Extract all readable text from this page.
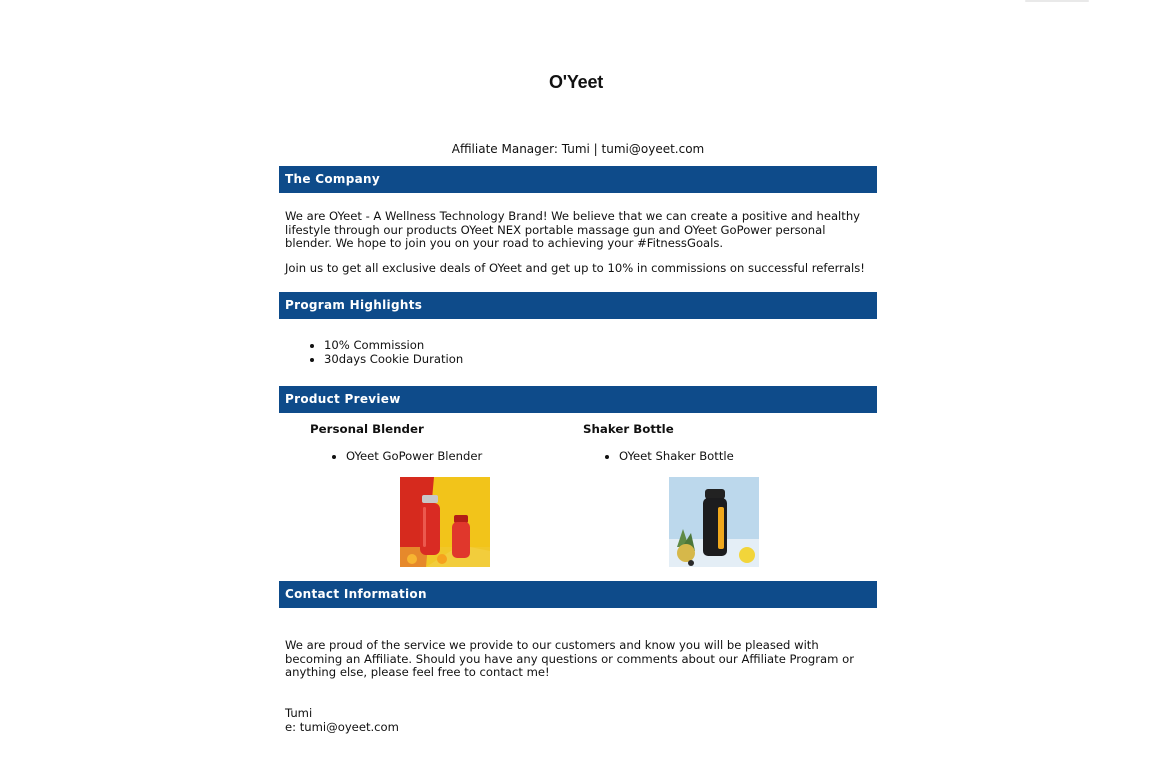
O'Yeet
Affiliate Manager: Tumi | tumi@oyeet.com
The Company
We are OYeet - A Wellness Technology Brand! We believe that we can create a positive and healthy lifestyle through our products OYeet NEX portable massage gun and OYeet GoPower personal blender. We hope to join you on your road to achieving your #FitnessGoals.
Join us to get all exclusive deals of OYeet and get up to 10% in commissions on successful referrals!
Program Highlights
• 10% Commission
• 30days Cookie Duration
Product Preview
Personal Blender
• OYeet GoPower Blender
Shaker Bottle
• OYeet Shaker Bottle
Contact Information
We are proud of the service we provide to our customers and know you will be pleased with becoming an Affiliate. Should you have any questions or comments about our Affiliate Program or anything else, please feel free to contact me!
Tumi
e: tumi@oyeet.com
